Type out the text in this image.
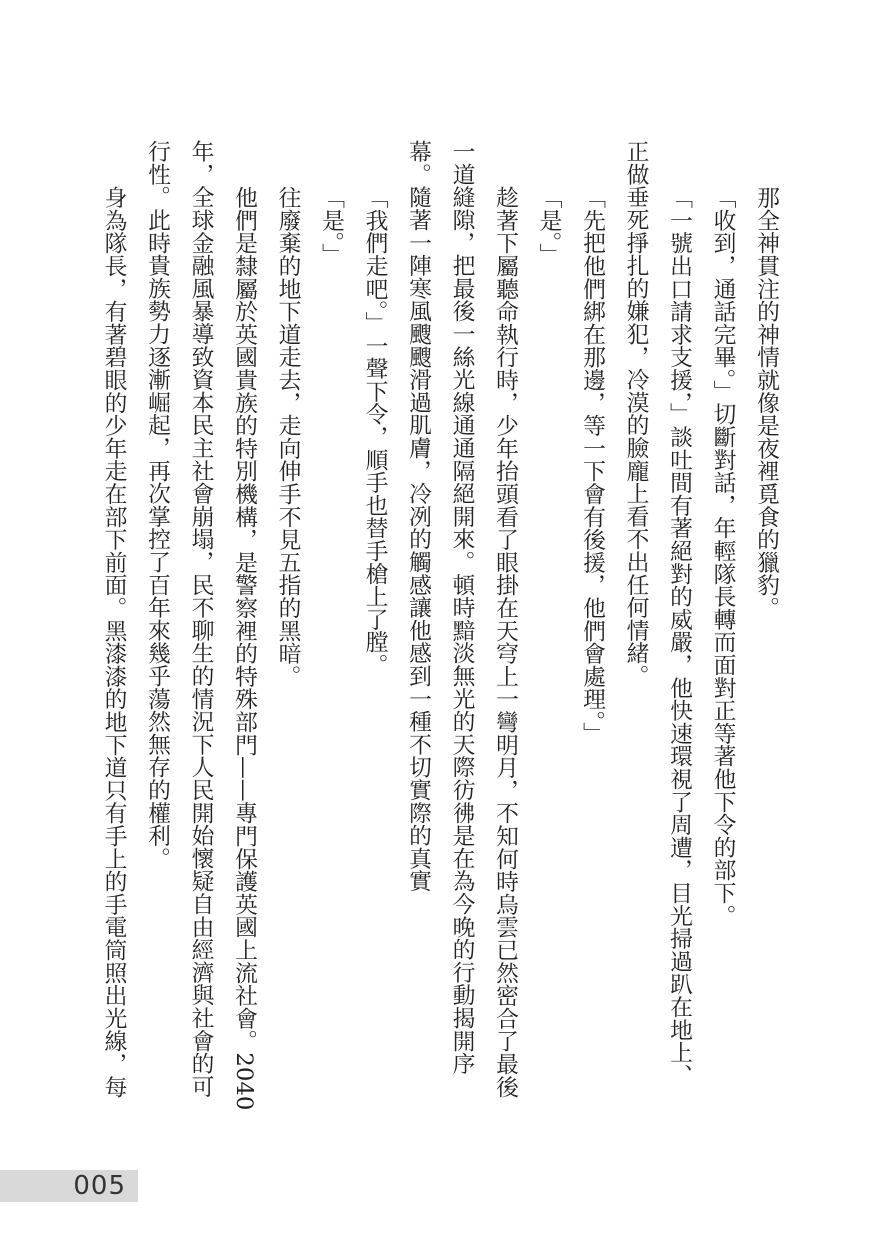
那全神貫注的神情就像是夜裡覓食的獵豹。
「收到，通話完畢。」切斷對話，年輕隊長轉而面對正等著他下令的部下。
「一號出口請求支援，」談吐間有著絕對的威嚴，他快速環視了周遭，目光掃過趴在地上、
正做垂死掙扎的嫌犯，冷漠的臉龐上看不出任何情緒。
「先把他們綁在那邊，等一下會有後援，他們會處理。」
「是。」
趁著下屬聽命執行時，少年抬頭看了眼掛在天穹上一彎明月，不知何時烏雲已然密合了最後
一道縫隙，把最後一絲光線通通隔絕開來。頓時黯淡無光的天際彷彿是在為今晚的行動揭開序
幕。隨著一陣寒風颼颼滑過肌膚，冷冽的觸感讓他感到一種不切實際的真實
「我們走吧。」一聲下令，順手也替手槍上了膛。
「是。」
往廢棄的地下道走去，走向伸手不見五指的黑暗。
他們是隸屬於英國貴族的特別機構，是警察裡的特殊部門——專門保護英國上流社會。2040
年，全球金融風暴導致資本民主社會崩塌，民不聊生的情況下人民開始懷疑自由經濟與社會的可
行性。此時貴族勢力逐漸崛起，再次掌控了百年來幾乎蕩然無存的權利。
身為隊長，有著碧眼的少年走在部下前面。黑漆漆的地下道只有手上的手電筒照出光線，每
005
